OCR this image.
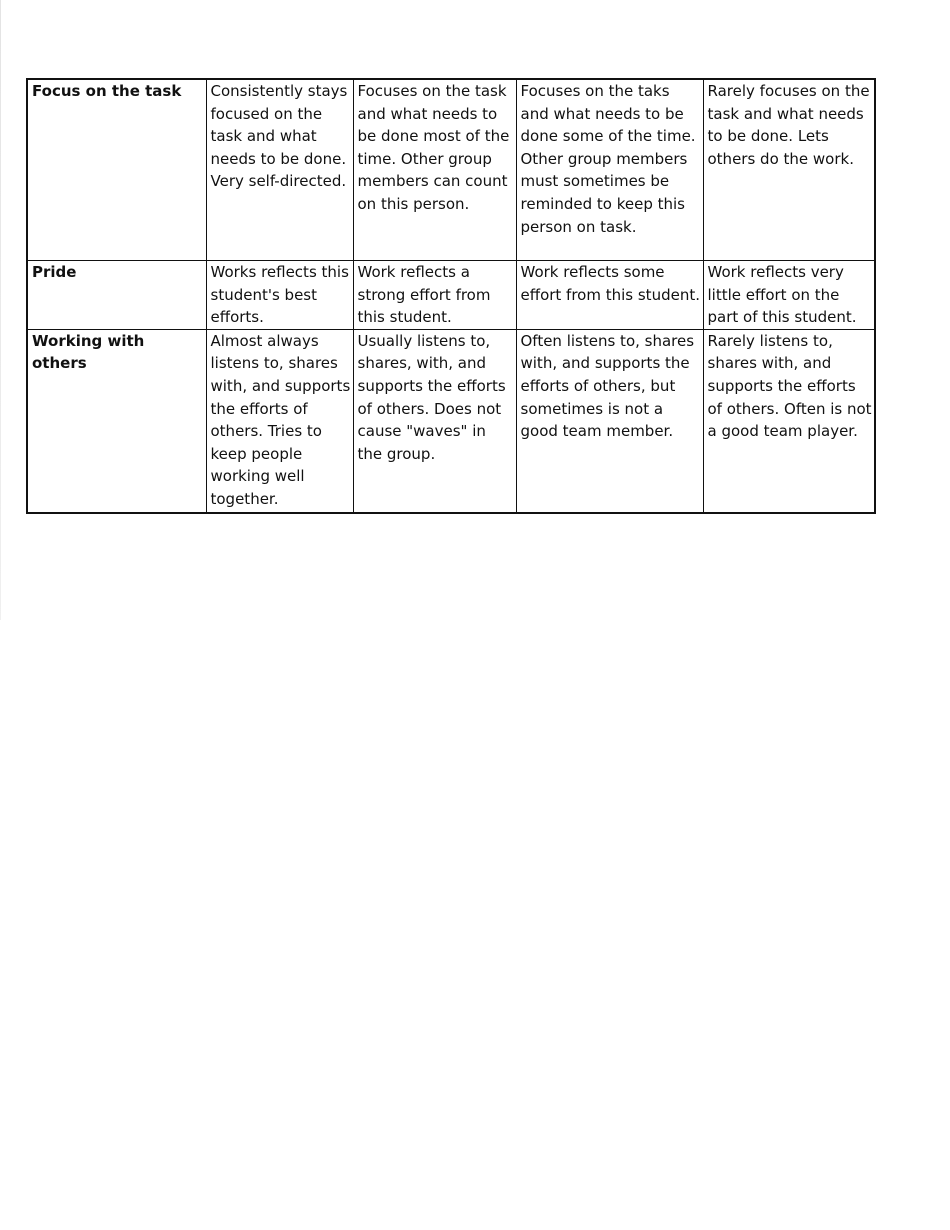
Focus on the task	Consistently stays focused on the task and what needs to be done. Very self-directed.	Focuses on the task and what needs to be done most of the time. Other group members can count on this person.	Focuses on the taks and what needs to be done some of the time. Other group members must sometimes be reminded to keep this person on task.	Rarely focuses on the task and what needs to be done. Lets others do the work.
Pride	Works reflects this student's best efforts.	Work reflects a strong effort from this student.	Work reflects some effort from this student.	Work reflects very little effort on the part of this student.
Working with others	Almost always listens to, shares with, and supports the efforts of others. Tries to keep people working well together.	Usually listens to, shares, with, and supports the efforts of others. Does not cause "waves" in the group.	Often listens to, shares with, and supports the efforts of others, but sometimes is not a good team member.	Rarely listens to, shares with, and supports the efforts of others. Often is not a good team player.
